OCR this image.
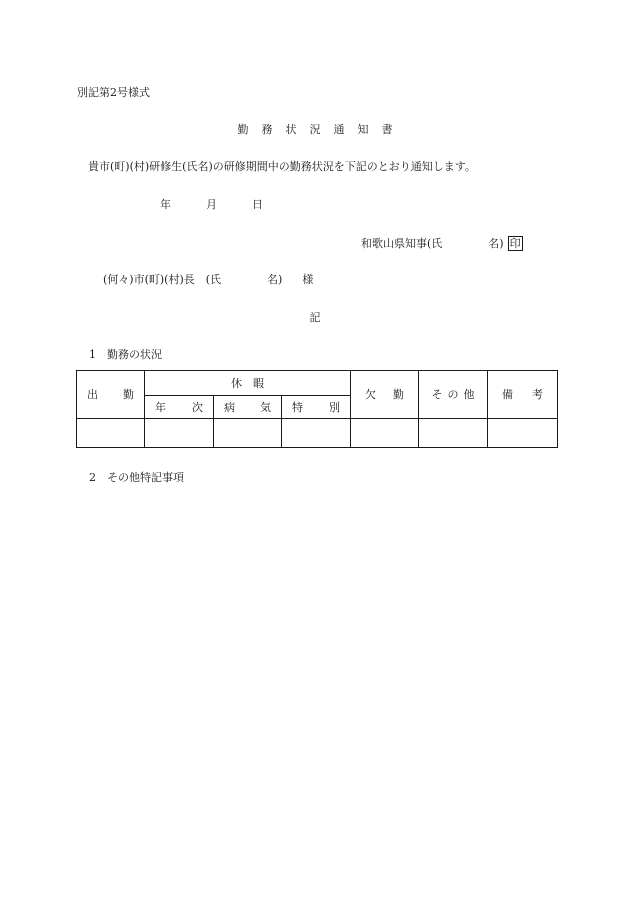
別記第2号様式
勤務状況通知書
貴市(町)(村)研修生(氏名)の研修期間中の勤務状況を下記のとおり通知します。
年	月	日
和歌山県知事(氏	名) 印
(何々)市(町)(村)長　(氏	名) 様
記
1　勤務の状況
出 勤	休　暇			欠 勤	その他	備 考

	年 次	病 気	特 別			

2　その他特記事項
